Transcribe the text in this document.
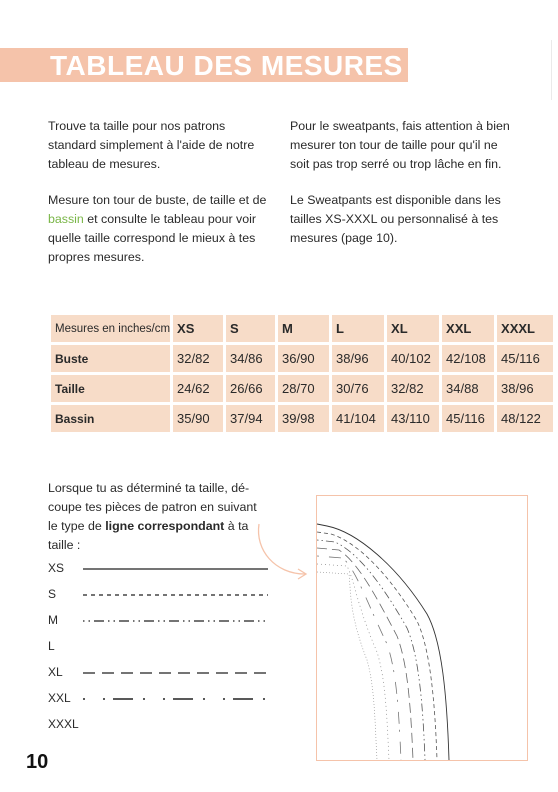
TABLEAU DES MESURES

Trouve ta taille pour nos patrons standard simplement à l'aide de notre tableau de mesures.

Mesure ton tour de buste, de taille et de bassin et consulte le tableau pour voir quelle taille correspond le mieux à tes propres mesures.

Pour le sweatpants, fais attention à bien mesurer ton tour de taille pour qu'il ne soit pas trop serré ou trop lâche en fin.

Le Sweatpants est disponible dans les tailles XS-XXXL ou personnalisé à tes mesures (page 10).

Mesures en inches/cm	XS	S	M	L	XL	XXL	XXXL
Buste	32/82	34/86	36/90	38/96	40/102	42/108	45/116
Taille	24/62	26/66	28/70	30/76	32/82	34/88	38/96
Bassin	35/90	37/94	39/98	41/104	43/110	45/116	48/122

Lorsque tu as déterminé ta taille, dé-coupe tes pièces de patron en suivant le type de ligne correspondant à ta taille :

XS
S
M
L
XL
XXL
XXXL
10
